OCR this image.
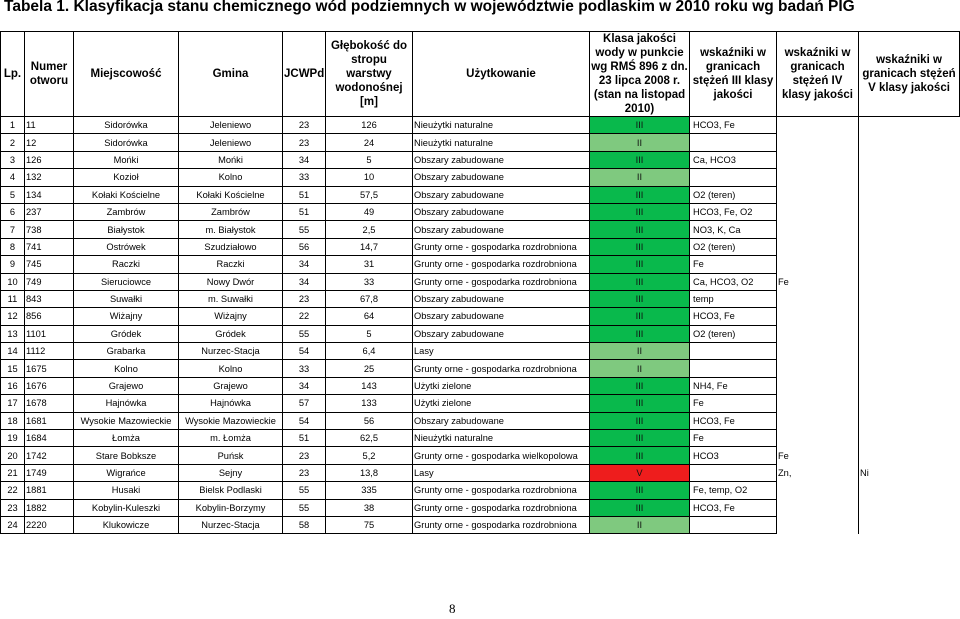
Tabela 1. Klasyfikacja stanu chemicznego wód podziemnych w województwie podlaskim w 2010 roku wg badań PIG
Lp.	Numer otworu	Miejscowość	Gmina	JCWPd	Głębokość do stropu warstwy wodonośnej [m]	Użytkowanie	Klasa jakości wody w punkcie wg RMŚ 896 z dn. 23 lipca 2008 r. (stan na listopad 2010)	wskaźniki w granicach stężeń III klasy jakości	wskaźniki w granicach stężeń IV klasy jakości	wskaźniki w granicach stężeń V klasy jakości
1	11	Sidorówka	Jeleniewo	23	126	Nieużytki naturalne	III	HCO3, Fe		
2	12	Sidorówka	Jeleniewo	23	24	Nieużytki naturalne	II			
3	126	Mońki	Mońki	34	5	Obszary zabudowane	III	Ca, HCO3		
4	132	Kozioł	Kolno	33	10	Obszary zabudowane	II			
5	134	Kołaki Kościelne	Kołaki Kościelne	51	57,5	Obszary zabudowane	III	O2 (teren)		
6	237	Zambrów	Zambrów	51	49	Obszary zabudowane	III	HCO3, Fe, O2		
7	738	Białystok	m. Białystok	55	2,5	Obszary zabudowane	III	NO3, K, Ca		
8	741	Ostrówek	Szudziałowo	56	14,7	Grunty orne - gospodarka rozdrobniona	III	O2 (teren)		
9	745	Raczki	Raczki	34	31	Grunty orne - gospodarka rozdrobniona	III	Fe		
10	749	Sieruciowce	Nowy Dwór	34	33	Grunty orne - gospodarka rozdrobniona	III	Ca, HCO3, O2	Fe	
11	843	Suwałki	m. Suwałki	23	67,8	Obszary zabudowane	III	temp		
12	856	Wiżajny	Wiżajny	22	64	Obszary zabudowane	III	HCO3, Fe		
13	1101	Gródek	Gródek	55	5	Obszary zabudowane	III	O2 (teren)		
14	1112	Grabarka	Nurzec-Stacja	54	6,4	Lasy	II			
15	1675	Kolno	Kolno	33	25	Grunty orne - gospodarka rozdrobniona	II			
16	1676	Grajewo	Grajewo	34	143	Użytki zielone	III	NH4, Fe		
17	1678	Hajnówka	Hajnówka	57	133	Użytki zielone	III	Fe		
18	1681	Wysokie Mazowieckie	Wysokie Mazowieckie	54	56	Obszary zabudowane	III	HCO3, Fe		
19	1684	Łomża	m. Łomża	51	62,5	Nieużytki naturalne	III	Fe		
20	1742	Stare Bobksze	Puńsk	23	5,2	Grunty orne - gospodarka wielkopolowa	III	HCO3	Fe	
21	1749	Wigrańce	Sejny	23	13,8	Lasy	V		Zn,	Ni
22	1881	Husaki	Bielsk Podlaski	55	335	Grunty orne - gospodarka rozdrobniona	III	Fe, temp, O2		
23	1882	Kobylin-Kuleszki	Kobylin-Borzymy	55	38	Grunty orne - gospodarka rozdrobniona	III	HCO3, Fe		
24	2220	Klukowicze	Nurzec-Stacja	58	75	Grunty orne - gospodarka rozdrobniona	II			
8
